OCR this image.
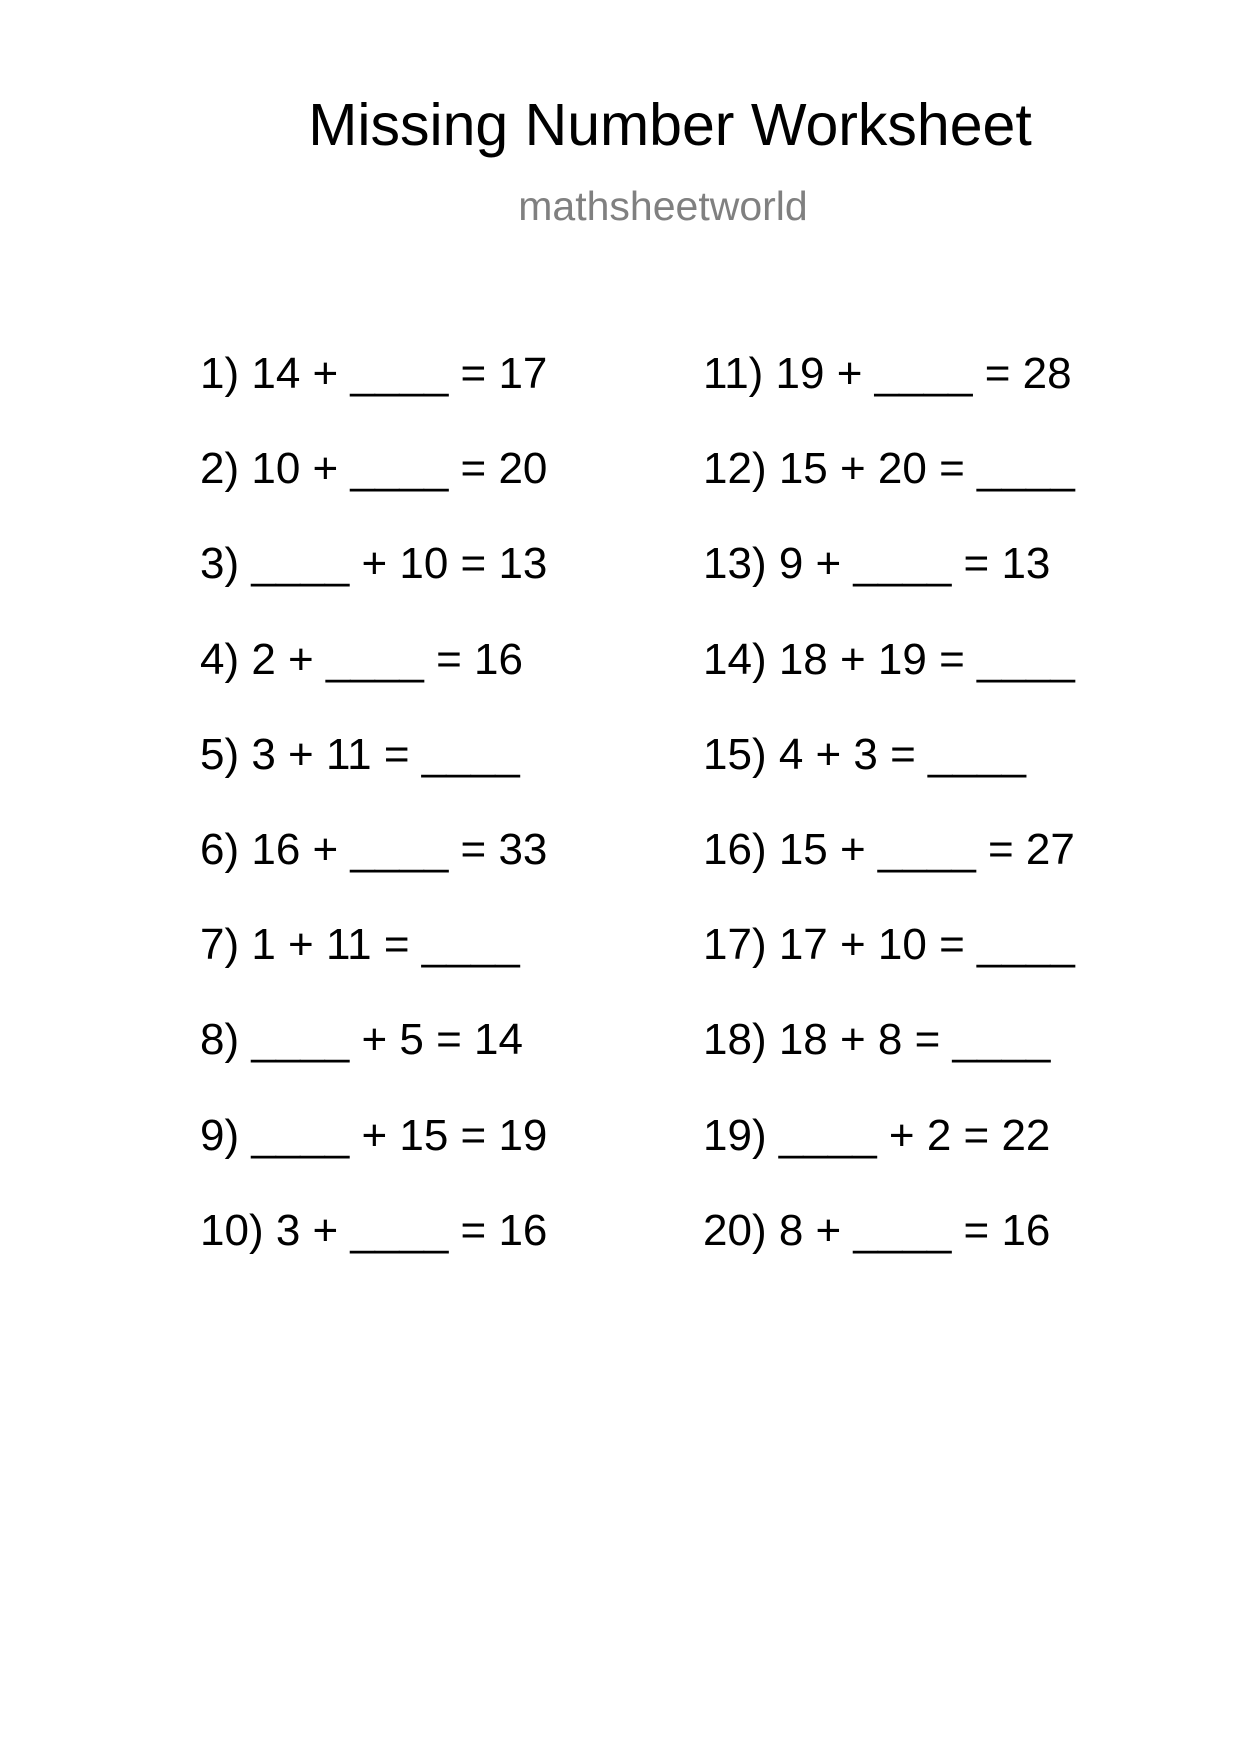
Missing Number Worksheet
mathsheetworld
1) 14 + ____ = 17
2) 10 + ____ = 20
3) ____ + 10 = 13
4) 2 + ____ = 16
5) 3 + 11 = ____
6) 16 + ____ = 33
7) 1 + 11 = ____
8) ____ + 5 = 14
9) ____ + 15 = 19
10) 3 + ____ = 16
11) 19 + ____ = 28
12) 15 + 20 = ____
13) 9 + ____ = 13
14) 18 + 19 = ____
15) 4 + 3 = ____
16) 15 + ____ = 27
17) 17 + 10 = ____
18) 18 + 8 = ____
19) ____ + 2 = 22
20) 8 + ____ = 16
